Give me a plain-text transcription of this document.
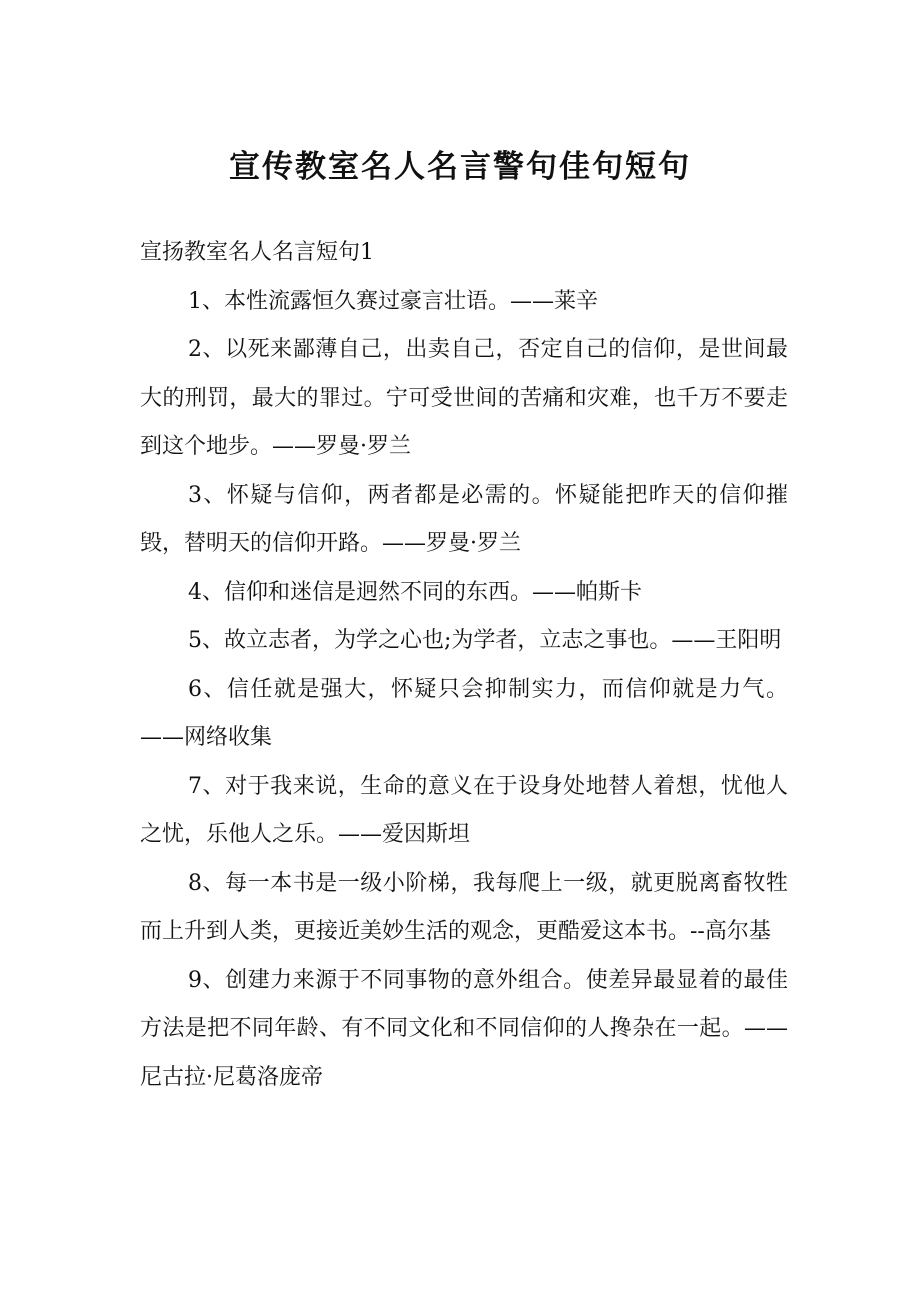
宣传教室名人名言警句佳句短句

宣扬教室名人名言短句1

1、本性流露恒久赛过豪言壮语。——莱辛

2、以死来鄙薄自己，出卖自己，否定自己的信仰，是世间最大的刑罚，最大的罪过。宁可受世间的苦痛和灾难，也千万不要走到这个地步。——罗曼·罗兰

3、怀疑与信仰，两者都是必需的。怀疑能把昨天的信仰摧毁，替明天的信仰开路。——罗曼·罗兰

4、信仰和迷信是迥然不同的东西。——帕斯卡

5、故立志者，为学之心也;为学者，立志之事也。——王阳明

6、信任就是强大，怀疑只会抑制实力，而信仰就是力气。——网络收集

7、对于我来说，生命的意义在于设身处地替人着想，忧他人之忧，乐他人之乐。——爱因斯坦

8、每一本书是一级小阶梯，我每爬上一级，就更脱离畜牧牲而上升到人类，更接近美妙生活的观念，更酷爱这本书。--高尔基

9、创建力来源于不同事物的意外组合。使差异最显着的最佳方法是把不同年龄、有不同文化和不同信仰的人搀杂在一起。——尼古拉·尼葛洛庞帝
